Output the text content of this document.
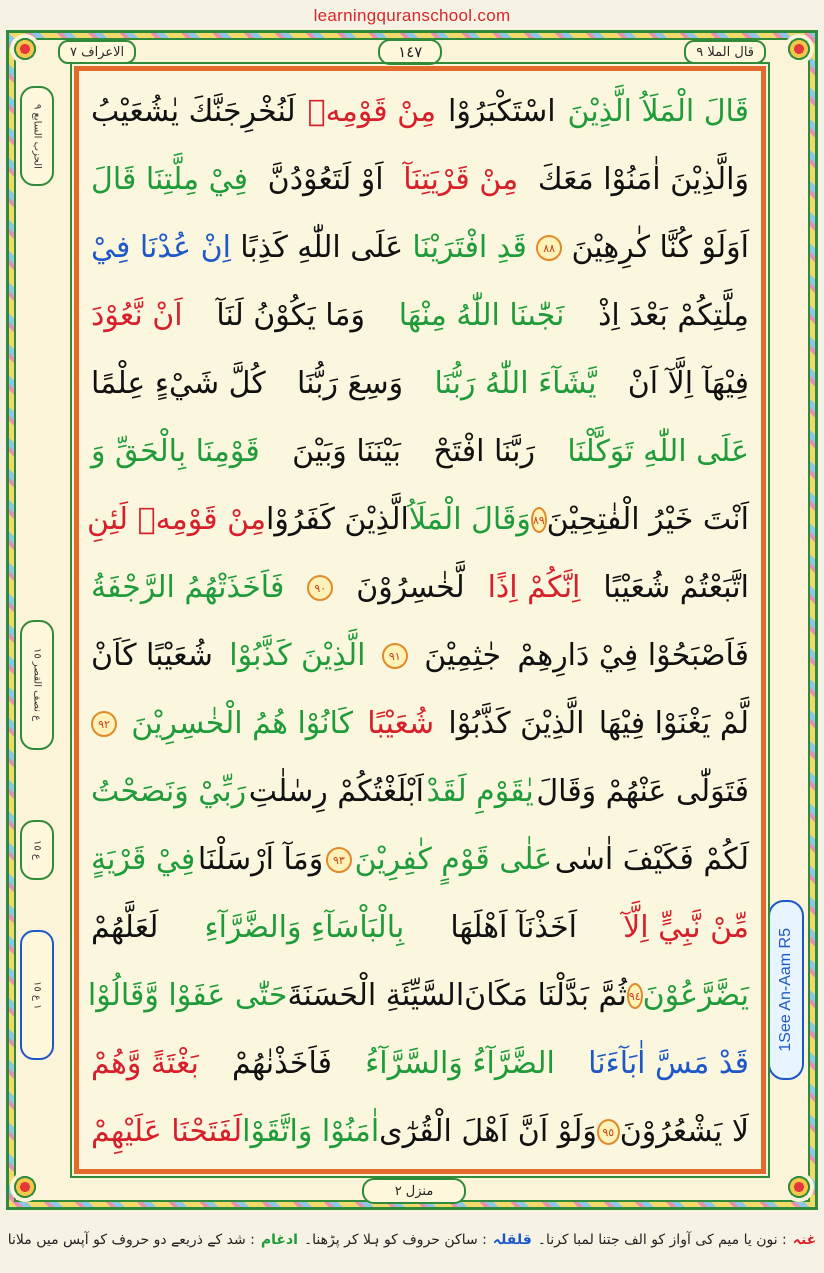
learningquranschool.com
الاعراف ٧	١٤٧	قال الملا ٩
الحزب السابع ٩
ع نصف القصر ١٥
ع ١٥
١ ع ١٥	1See An-Aam R5
قَالَ الْمَلَاُ الَّذِيْنَ
اسْتَكْبَرُوْا
مِنْ قَوْمِهٖ
لَنُخْرِجَنَّكَ يٰشُعَيْبُ
وَالَّذِيْنَ اٰمَنُوْا مَعَكَ
مِنْ قَرْيَتِنَآ
اَوْ لَتَعُوْدُنَّ
فِيْ مِلَّتِنَا قَالَ
اَوَلَوْ كُنَّا كٰرِهِيْنَ
٨٨
قَدِ افْتَرَيْنَا
عَلَى اللّٰهِ كَذِبًا
اِنْ عُدْنَا فِيْ
مِلَّتِكُمْ بَعْدَ اِذْ
نَجّٰىنَا اللّٰهُ مِنْهَا
وَمَا يَكُوْنُ لَنَآ
اَنْ نَّعُوْدَ
فِيْهَآ اِلَّآ اَنْ
يَّشَآءَ اللّٰهُ رَبُّنَا
وَسِعَ رَبُّنَا
كُلَّ شَيْءٍ عِلْمًا
عَلَى اللّٰهِ تَوَكَّلْنَا
رَبَّنَا افْتَحْ
بَيْنَنَا وَبَيْنَ
قَوْمِنَا بِالْحَقِّ وَ
اَنْتَ خَيْرُ الْفٰتِحِيْنَ
٨٩
وَقَالَ الْمَلَاُ
الَّذِيْنَ كَفَرُوْا
مِنْ قَوْمِهٖ لَئِنِ
اتَّبَعْتُمْ شُعَيْبًا
اِنَّكُمْ اِذًا
لَّخٰسِرُوْنَ
٩٠
فَاَخَذَتْهُمُ الرَّجْفَةُ
فَاَصْبَحُوْا فِيْ دَارِهِمْ
جٰثِمِيْنَ
٩١
الَّذِيْنَ كَذَّبُوْا
شُعَيْبًا كَاَنْ
لَّمْ يَغْنَوْا فِيْهَا
الَّذِيْنَ كَذَّبُوْا
شُعَيْبًا
كَانُوْا هُمُ الْخٰسِرِيْنَ
٩٢
فَتَوَلّٰى عَنْهُمْ وَقَالَ
يٰقَوْمِ لَقَدْ
اَبْلَغْتُكُمْ رِسٰلٰتِ
رَبِّيْ وَنَصَحْتُ
لَكُمْ فَكَيْفَ اٰسٰى
عَلٰى قَوْمٍ كٰفِرِيْنَ
٩٣
وَمَآ اَرْسَلْنَا
فِيْ قَرْيَةٍ
مِّنْ نَّبِيٍّ اِلَّآ
اَخَذْنَآ اَهْلَهَا
بِالْبَاْسَآءِ وَالضَّرَّآءِ
لَعَلَّهُمْ
يَضَّرَّعُوْنَ
٩٤
ثُمَّ بَدَّلْنَا مَكَانَ
السَّيِّئَةِ الْحَسَنَةَ
حَتّٰى عَفَوْا وَّقَالُوْا
قَدْ مَسَّ اٰبَآءَنَا
الضَّرَّآءُ وَالسَّرَّآءُ
فَاَخَذْنٰهُمْ
بَغْتَةً وَّهُمْ
لَا يَشْعُرُوْنَ
٩٥
وَلَوْ اَنَّ اَهْلَ الْقُرٰٓى
اٰمَنُوْا وَاتَّقَوْا
لَفَتَحْنَا عَلَيْهِمْ
منزل ٢
غنہ
: نون یا میم کی آواز کو الف جتنا لمبا کرنا۔
قلقلہ
: ساکن حروف کو ہلا کر پڑھنا۔
ادغام
: شد کے ذریعے دو حروف کو آپس میں ملانا
